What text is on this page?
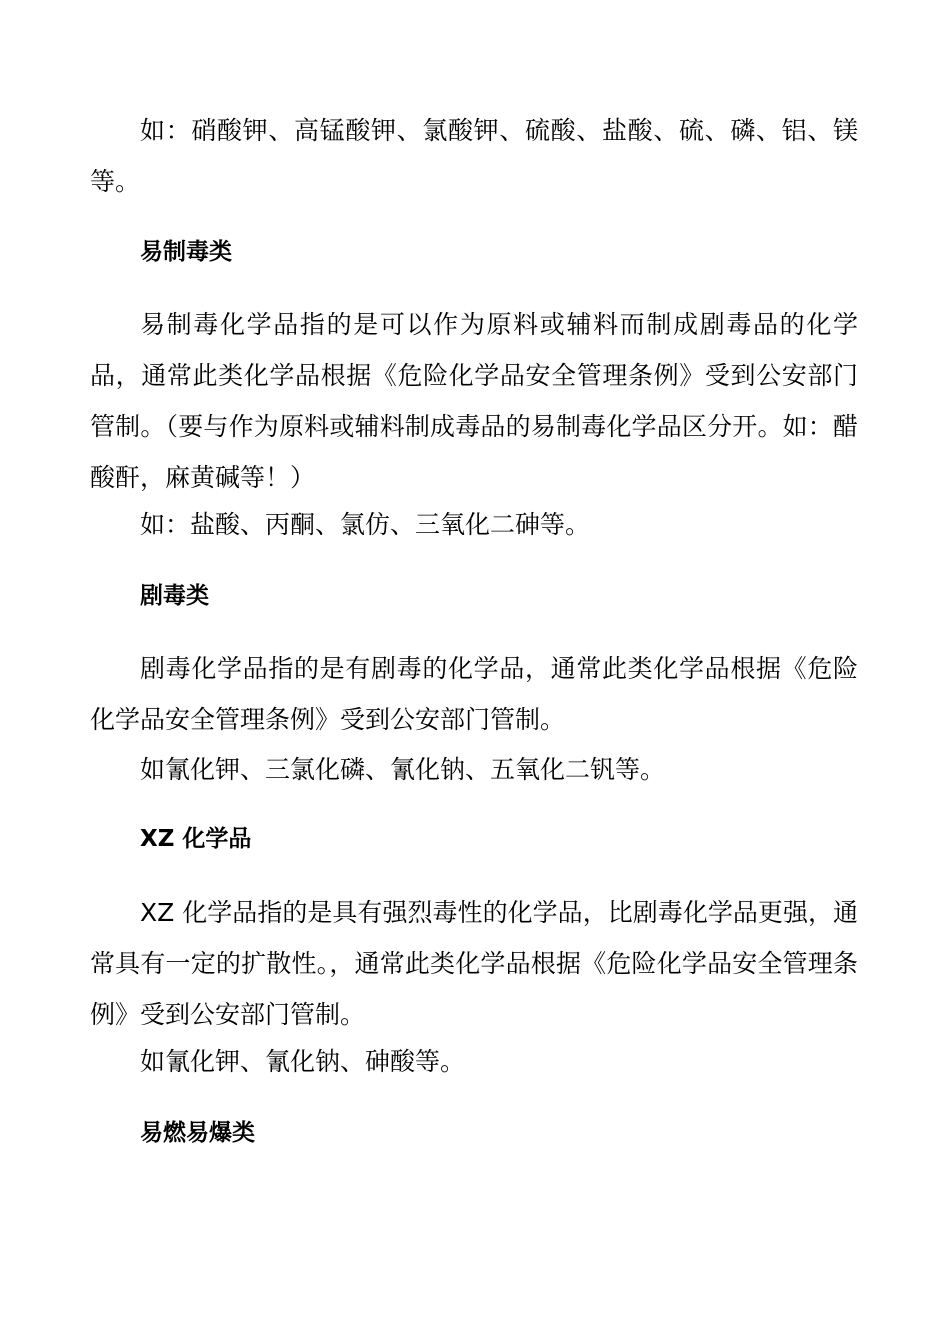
如：硝酸钾、高锰酸钾、氯酸钾、硫酸、盐酸、硫、磷、铝、镁等。

易制毒类

易制毒化学品指的是可以作为原料或辅料而制成剧毒品的化学品，通常此类化学品根据《危险化学品安全管理条例》受到公安部门管制。（要与作为原料或辅料制成毒品的易制毒化学品区分开。如：醋酸酐，麻黄碱等！）

如：盐酸、丙酮、氯仿、三氧化二砷等。

剧毒类

剧毒化学品指的是有剧毒的化学品，通常此类化学品根据《危险化学品安全管理条例》受到公安部门管制。

如氰化钾、三氯化磷、氰化钠、五氧化二钒等。

XZ 化学品

XZ 化学品指的是具有强烈毒性的化学品，比剧毒化学品更强，通常具有一定的扩散性。，通常此类化学品根据《危险化学品安全管理条例》受到公安部门管制。

如氰化钾、氰化钠、砷酸等。

易燃易爆类
